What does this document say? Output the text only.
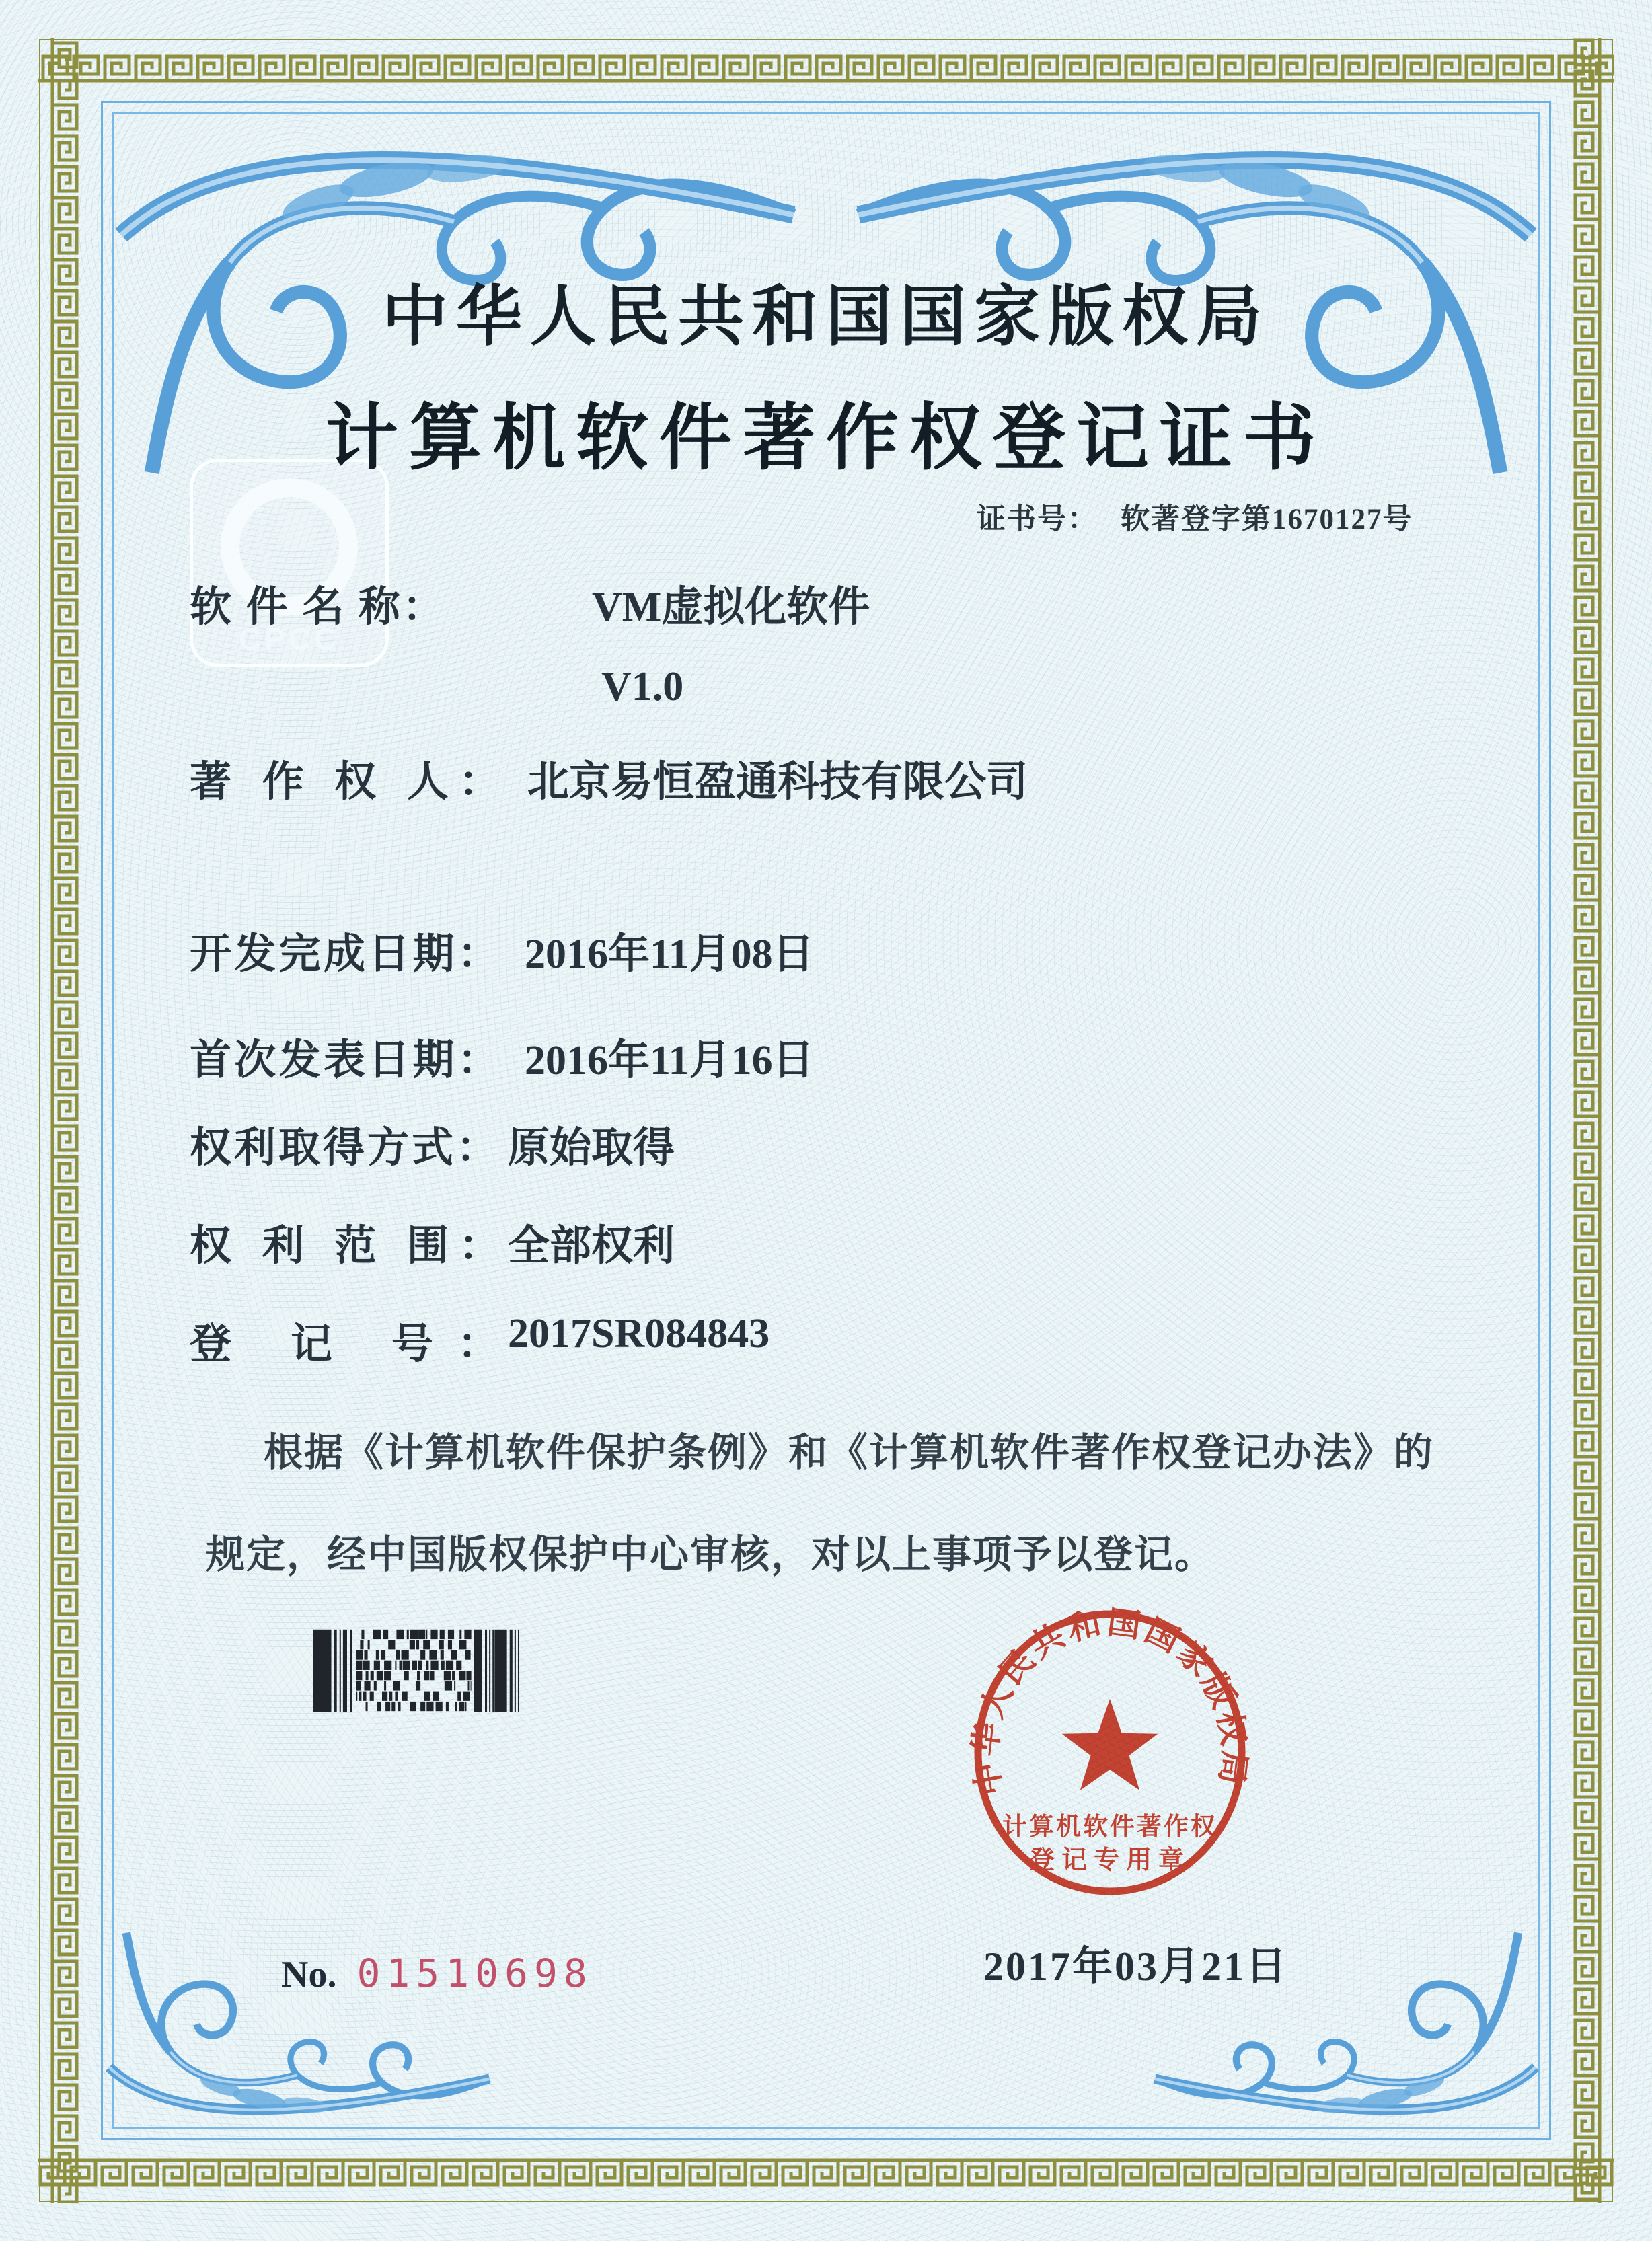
CPCC
中华人民共和国国家版权局
计算机软件著作权登记证书
证书号： 软著登字第1670127号
软 件 名 称：	VM虚拟化软件
V1.0
著 作 权 人： 北京易恒盈通科技有限公司
开发完成日期： 2016年11月08日
首次发表日期： 2016年11月16日
权利取得方式： 原始取得
权 利 范 围： 全部权利
登 记 号： 2017SR084843
根据《计算机软件保护条例》和《计算机软件著作权登记办法》的
规定，经中国版权保护中心审核，对以上事项予以登记。
No. 01510698
中华人民共和国国家版权局
计算机软件著作权
登记专用章
2017年03月21日
